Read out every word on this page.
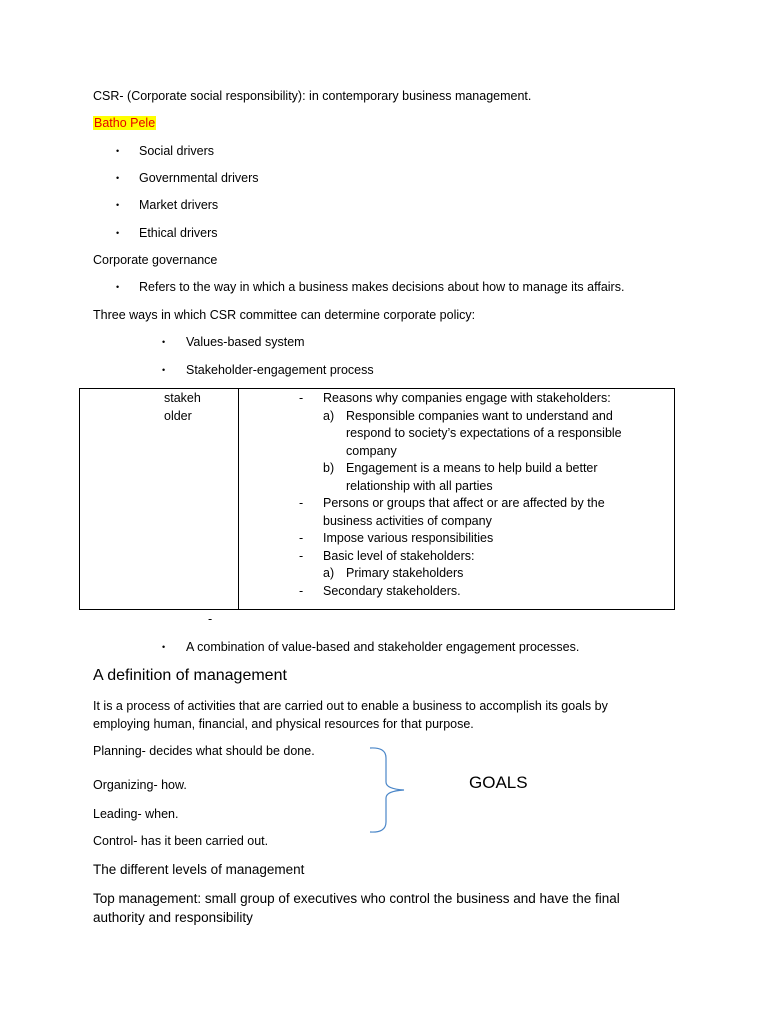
CSR- (Corporate social responsibility): in contemporary business management.
Batho Pele
• Social drivers
• Governmental drivers
• Market drivers
• Ethical drivers
Corporate governance
• Refers to the way in which a business makes decisions about how to manage its affairs.
Three ways in which CSR committee can determine corporate policy:
• Values-based system
• Stakeholder-engagement process
stakeholder

- Reasons why companies engage with stakeholders:
a) Responsible companies want to understand and
respond to society’s expectations of a responsible
company
b) Engagement is a means to help build a better
relationship with all parties
- Persons or groups that affect or are affected by the
business activities of company
- Impose various responsibilities
- Basic level of stakeholders:
a) Primary stakeholders
- Secondary stakeholders.
-
• A combination of value-based and stakeholder engagement processes.
A definition of management
It is a process of activities that are carried out to enable a business to accomplish its goals by
employing human, financial, and physical resources for that purpose.
Planning- decides what should be done.
Organizing- how.
Leading- when.
Control- has it been carried out.
GOALS
The different levels of management
Top management: small group of executives who control the business and have the final
authority and responsibility
